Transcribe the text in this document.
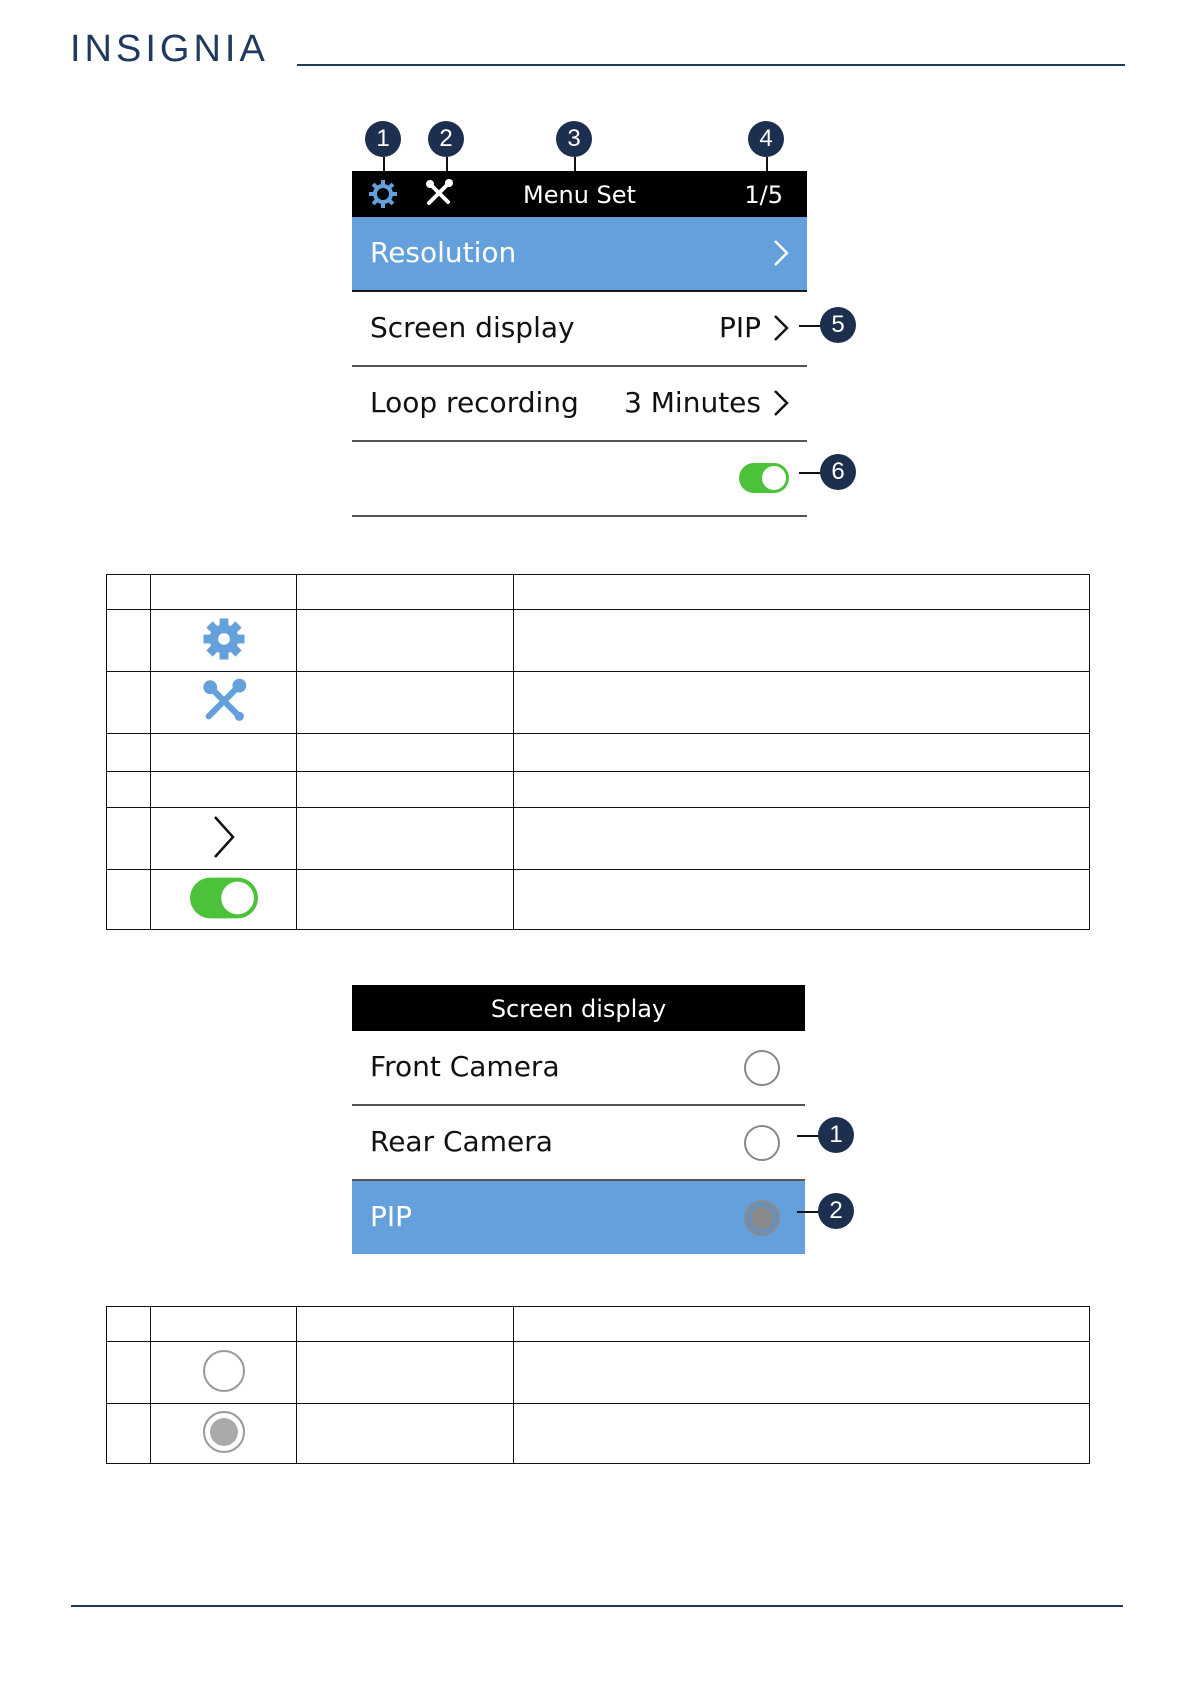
INSIGNIA
1	2	3	4
Menu Set	1/5
Resolution
Screen display	PIP
Loop recording 3 Minutes
5
6

Screen display
Front Camera
Rear Camera
PIP
1
2
